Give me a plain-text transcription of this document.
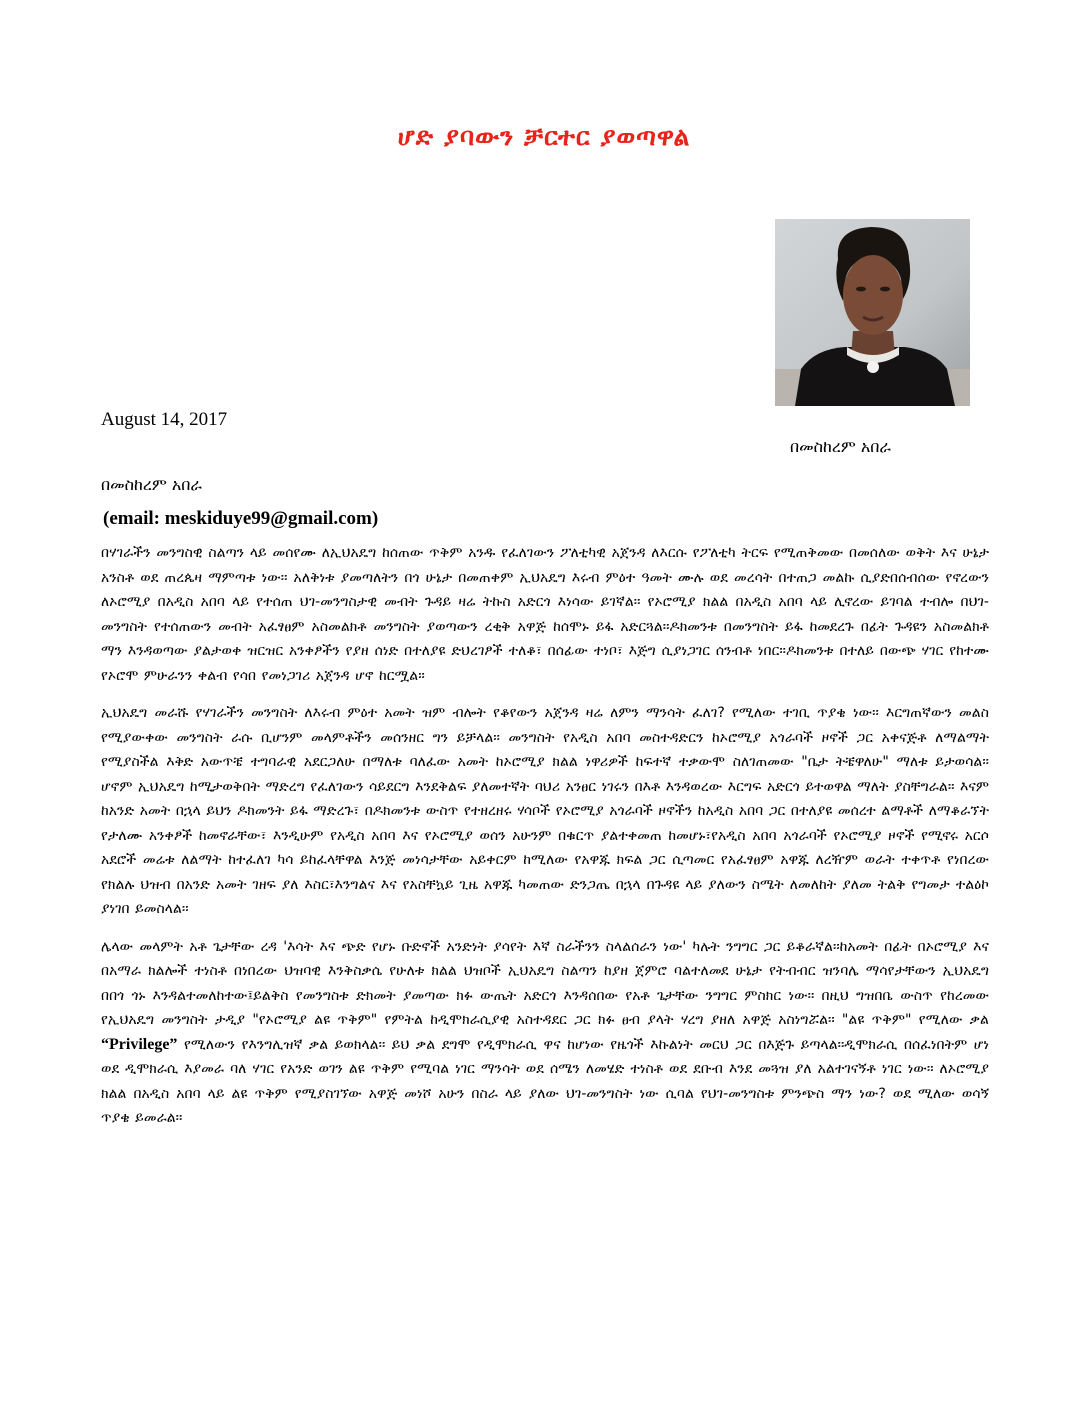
ሆድ ያባውን ቻርተር ያወጣዋል
August 14, 2017
በመስከረም አበራ
በመስከረም አበራ
(email: meskiduye99@gmail.com)

በሃገራችን መንግስዊ ስልጣን ላይ መሰየሙ ለኢህአዴግ ከሰጠው ጥቅም አንዱ የፈለገውን ፖለቲካዊ አጀንዳ ለእርሱ የፖለቲካ ትርፍ የሚጠቅመው በመሰለው ወቅት እና ሁኔታ አንስቶ ወደ ጠረጴዛ ማምጣቱ ነው፡፡ አለቅነቱ ያመጣለትን በጎ ሁኔታ በመጠቀም ኢህአዴግ እሩብ ምዕተ ዓመት ሙሉ ወደ መረሳት በተጠጋ መልኩ ሲያድበሰብሰው የኖረውን ለኦሮሚያ በአዲስ አበባ ላይ የተሰጠ ህገ-መንግስታዊ መብት ጉዳይ ዛሬ ትኩስ አድርጎ እነሳው ይገኛል፡፡ የኦሮሚያ ክልል በአዲስ አበባ ላይ ሊኖረው ይገባል ተብሎ በህገ-መንግስት የተሰጠውን መብት አፈፃፀም አስመልክቶ መንግስት ያወጣውን ረቂቅ አዋጅ ከሰሞኑ ይፋ አድርጓል፡፡ዶክመንቱ በመንግስት ይፋ ከመደረጉ በፊት ጉዳዩን አስመልክቶ ማን እንዳወጣው ያልታወቀ ዝርዝር አንቀፆችን የያዘ ሰነድ በተለያዩ ድህረገፆች ተለቆ፣ በሰፊው ተነቦ፣ እጅግ ሲያነጋገር ሰንብቶ ነበር፡፡ዶክመንቱ በተለይ በውጭ ሃገር የከተሙ የኦሮሞ ምሁራንን ቀልብ የሳበ የመነጋገሪ አጀንዳ ሆኖ ከርሟል፡፡

ኢህአዴግ መራሹ የሃገራችን መንግስት ለእሩብ ምዕተ አመት ዝም ብሎት የቆየውን አጀንዳ ዛሬ ለምን ማንሳት ፈለገ? የሚለው ተገቢ ጥያቄ ነው፡፡ እርግጠኛውን መልስ የሚያውቀው መንግስት ራሱ ቢሆንም መላምቶችን መሰንዘር ግን ይቻላል፡፡ መንግስት የአዲስ አበባ መስተዳድርን ከኦሮሚያ አጎራባች ዞኖች ጋር አቀናጅቶ ለማልማት የሚያስችል እቅድ አውጥቼ ተግባራዊ አደርጋለሁ በማለቱ ባለፈው አመት ከኦሮሚያ ክልል ነዋሪዎች ከፍተኛ ተቃውሞ ስለገጠመው "ቤታ ትቼዋለሁ" ማለቱ ይታወሳል፡፡ ሆኖም ኢህአዴግ ከሚታወቅበት ማድረግ የፈለገውን ሳይደርግ እንደቅልፍ ያለመተኛት ባህሪ አንፀር ነገሩን በእቶ እንዳወረው እርግፍ አድርጎ ይተወዋል ማለት ያስቸግራል፡፡ እናም ከአንድ አመት በኋላ ይህን ዶክመንት ይፋ ማድረጉ፣ በዶክመንቱ ውስጥ የተዘረዘሩ ሃሳቦች የኦሮሚያ አጎራባች ዞኖችን ከአዲስ አበባ ጋር በተለያዩ መሰረተ ልማቶች ለማቆራኘት የታለሙ አንቀፆች ከመኖራቸው፣ እንዲሁም የአዲስ አበባ እና የኦሮሚያ ወሰን አሁንም በቁርጥ ያልተቀመጠ ከመሆኑ፣የአዲስ አበባ አጎራባች የኦሮሚያ ዞኖች የሚኖሩ አርሶ አደሮች መሬቱ ለልማት ከተፈለገ ካሳ ይከፈላቸዋል እንጅ መነሳታቸው አይቀርም ከሚለው የአዋጁ ክፍል ጋር ሲጣመር የአፈፃፀም አዋጁ ለረዥም ወራት ተቀጥቶ የነበረው የክልሉ ህዝብ በአንድ አመት ገዘፍ ያለ እስር፣እንግልና እና የአስቸኳይ ጊዜ አዋጁ ካመጠው ድንጋጤ በኋላ በጉዳዩ ላይ ያለውን ስሜት ለመለከት ያለመ ትልቅ የግመታ ተልዕኮ ያነገበ ይመስላል፡፡

ሌላው መላምት አቶ ጌታቸው ረዳ 'እሳት እና ጭድ የሆኑ ቡድኖች አንድነት ያሳየት እኛ ስራችንን ስላልሰራን ነው' ካሉት ንግግር ጋር ይቆራኛል፡፡ከአመት በፊት በኦሮሚያ እና በአማራ ክልሎች ተነስቶ በነበረው ህዝባዊ እንቅስቃሴ የሁለቱ ክልል ህዝቦች ኢህአዴግ ስልጣን ከያዘ ጀምሮ ባልተለመደ ሁኔታ የትብብር ዝንባሌ ማሳየታቸውን ኢህአዴግ በበጎ ጎኑ እንዳልተመለከተው፤ይልቅስ የመንግስቱ ድክመት ያመጣው ክፉ ውጤት አድርጎ እንዳሰበው የአቶ ጌታቸው ንግግር ምስክር ነው፡፡ በዚህ ግዝበቤ ውስጥ የከረመው የኢህአዴግ መንግስት ታዲያ "የኦሮሚያ ልዩ ጥቅም" የምትል ከዲሞክራሲያዊ አስተዳደር ጋር ክፉ ፀብ ያላት ሃረግ ያዘለ አዋጅ አስነግሯል፡፡ "ልዩ ጥቅም" የሚለው ቃል “Privilege” የሚለውን የእንግሊዝኛ ቃል ይወክላል፡፡ ይህ ቃል ደግሞ የዲሞክራሲ ዋና ከሆነው የዜጎች እኩልነት መርህ ጋር በእጅጉ ይጣላል፡፡ዲሞክራሲ በሰፈነበትም ሆነ ወደ ዲሞክራሲ እያመራ ባለ ሃገር የአንድ ወገን ልዩ ጥቅም የሚባል ነገር ማንሳት ወደ ሰሜን ለመሄድ ተነስቶ ወደ ደቡብ እንደ መጓዝ ያለ አልተገናኝቶ ነገር ነው፡፡ ለኦሮሚያ ክልል በአዲስ አበባ ላይ ልዩ ጥቅም የሚያስገኘው አዋጅ መነሾ አሁን በስራ ላይ ያለው ህገ-መንግስት ነው ሲባል የህገ-መንግስቱ ምንጭስ ማን ነው? ወደ ሚለው ወሳኝ ጥያቄ ይመራል፡፡
